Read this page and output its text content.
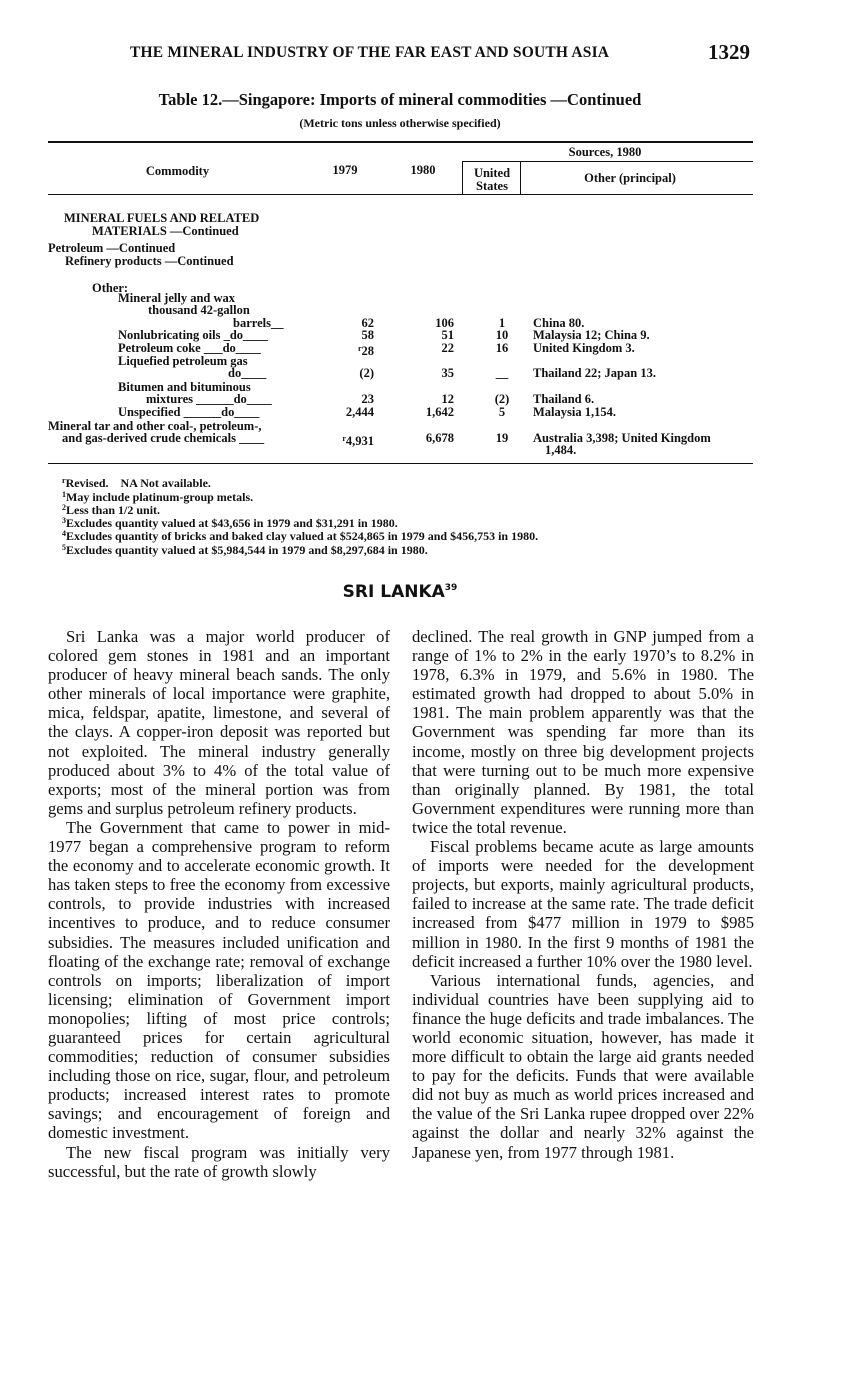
THE MINERAL INDUSTRY OF THE FAR EAST AND SOUTH ASIA	1329
Table 12.—Singapore: Imports of mineral commodities —Continued
(Metric tons unless otherwise specified)
Commodity	1979	1980
Sources, 1980
United States
Other (principal)
MINERAL FUELS AND RELATED
MATERIALS —Continued
Petroleum —Continued
Refinery products —Continued
Other:
Mineral jelly and wax
thousand 42-gallon
barrels__	62	106	1	China 80.
Nonlubricating oils _do____	58	51	10	Malaysia 12; China 9.
Petroleum coke ___do____	$^r$28	22	16	United Kingdom 3.
Liquefied petroleum gas
do____	(2)	35	__	Thailand 22; Japan 13.
Bitumen and bituminous
mixtures ______do____	23	12	(2)	Thailand 6.
Unspecified ______do____	2,444	1,642	5	Malaysia 1,154.
Mineral tar and other coal-, petroleum-,
and gas-derived crude chemicals ____	$^r$4,931	6,678	19	Australia 3,398; United Kingdom
1,484.
$^r$Revised.    NA Not available.
$^1$May include platinum-group metals.
$^2$Less than 1/2 unit.
$^3$Excludes quantity valued at $43,656 in 1979 and $31,291 in 1980.
$^4$Excludes quantity of bricks and baked clay valued at $524,865 in 1979 and $456,753 in 1980.
$^5$Excludes quantity valued at $5,984,544 in 1979 and $8,297,684 in 1980.
SRI LANKA$^{39}$

Sri Lanka was a major world producer of colored gem stones in 1981 and an important producer of heavy mineral beach sands. The only other minerals of local importance were graphite, mica, feldspar, apatite, limestone, and several of the clays. A copper-iron deposit was reported but not exploited. The mineral industry generally produced about 3% to 4% of the total value of exports; most of the mineral portion was from gems and surplus petroleum refinery products.

The Government that came to power in mid-1977 began a comprehensive program to reform the economy and to accelerate economic growth. It has taken steps to free the economy from excessive controls, to provide industries with increased incentives to produce, and to reduce consumer subsidies. The measures included unification and floating of the exchange rate; removal of exchange controls on imports; liberalization of import licensing; elimination of Government import monopolies; lifting of most price controls; guaranteed prices for certain agricultural commodities; reduction of consumer subsidies including those on rice, sugar, flour, and petroleum products; increased interest rates to promote savings; and encouragement of foreign and domestic investment.

The new fiscal program was initially very successful, but the rate of growth slowly

declined. The real growth in GNP jumped from a range of 1% to 2% in the early 1970’s to 8.2% in 1978, 6.3% in 1979, and 5.6% in 1980. The estimated growth had dropped to about 5.0% in 1981. The main problem apparently was that the Government was spending far more than its income, mostly on three big development projects that were turning out to be much more expensive than originally planned. By 1981, the total Government expenditures were running more than twice the total revenue.

Fiscal problems became acute as large amounts of imports were needed for the development projects, but exports, mainly agricultural products, failed to increase at the same rate. The trade deficit increased from $477 million in 1979 to $985 million in 1980. In the first 9 months of 1981 the deficit increased a further 10% over the 1980 level.

Various international funds, agencies, and individual countries have been supplying aid to finance the huge deficits and trade imbalances. The world economic situation, however, has made it more difficult to obtain the large aid grants needed to pay for the deficits. Funds that were available did not buy as much as world prices increased and the value of the Sri Lanka rupee dropped over 22% against the dollar and nearly 32% against the Japanese yen, from 1977 through 1981.
